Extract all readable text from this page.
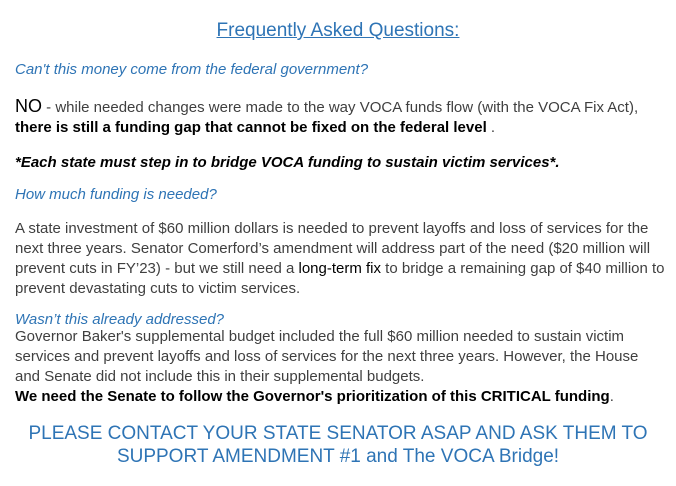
Frequently Asked Questions:
Can't this money come from the federal government?
NO - while needed changes were made to the way VOCA funds flow (with the VOCA Fix Act), there is still a funding gap that cannot be fixed on the federal level .
*Each state must step in to bridge VOCA funding to sustain victim services*.
How much funding is needed?
A state investment of $60 million dollars is needed to prevent layoffs and loss of services for the next three years. Senator Comerford’s amendment will address part of the need ($20 million will prevent cuts in FY’23) - but we still need a long-term fix to bridge a remaining gap of $40 million to prevent devastating cuts to victim services.
Wasn’t this already addressed?
Governor Baker's supplemental budget included the full $60 million needed to sustain victim services and prevent layoffs and loss of services for the next three years. However, the House and Senate did not include this in their supplemental budgets.
We need the Senate to follow the Governor's prioritization of this CRITICAL funding.
PLEASE CONTACT YOUR STATE SENATOR ASAP AND ASK THEM TO SUPPORT AMENDMENT #1 and The VOCA Bridge!
